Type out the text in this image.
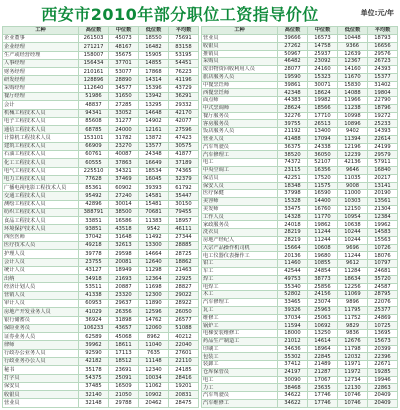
西安市2010年部分职位工资指导价位	单位:元/年
工种	高位数	中位数	低位数	平均数
企业董事	261503	45073	18550	75691
企业经理	271217	48167	16482	83158
生产或经营经理	158007	35675	15905	53195
人事经理	156434	37701	14855	54451
财务经理	210161	53077	17868	76223
研发经理	128896	28890	14314	41196
采购经理	112640	34577	15396	43729
餐厅经理	51986	31650	13942	36291
会计	48837	27285	13295	29332
机械工程技术人员	94341	33052	14648	42170
电子工程技术人员	85608	31277	14902	42077
通信工程技术人员	68785	24000	12161	27596
计算机工程技术人员	153101	31782	13872	47423
建筑工程技术人员	66909	23270	13577	30575
石油工程技术人员	60761	40087	24348	41877
化工工程技术人员	60555	37863	16649	37189
电气工程技术人员	225510	34321	18534	74365
电力工程技术人员	77628	37469	16045	32379
广播电视电影工程技术人员	85361	60902	39393	61792
交通工程技术人员	95492	27240	14581	35447
测绘工程技术人员	42896	30014	15481	30150
纺织工程技术人员	388791	38500	70681	79455
食品工程技术人员	33851	16586	11383	18957
环境保护技术人员	93851	43518	9542	46111
西医医师	37042	31648	11492	27344
医疗技术人员	49218	32613	13300	28885
护理人员	39778	29598	14664	28725
会计人员	23755	20081	12640	18862
统计人员	43127	18949	11298	21463
出纳	34918	21693	12364	22925
经济计划人员	53511	20887	11698	28827
营销人员	41338	23320	12300	29022
审计人员	60953	29637	11890	28922
房地产开发业务人员	41029	26356	12596	26050
银行储蓄员	36924	31898	14762	26577
保险业务员	106233	43657	12060	51088
证券业务人员	62589	45068	8962	40212
律师	39962	18611	11040	22040
行政办公业务人员	92590	17113	7635	27601
行政业务办公人员	42182	18512	11148	22110
秘书	35178	23691	12340	24185
打字员	54375	25091	10034	28416
保安员	37485	16509	11062	19201
收银员	32140	21050	10902	20831
营业员	32148	29788	20462	28475
工种	高位数	中位数	低位数	平均数
营业员	39666	16573	10448	18793
收银员	27262	14758	9366	16656
推销员	50967	25937	12639	29576
采购员	46482	23092	12367	26723
废旧物资回收利用人员	28077	24160	14160	24393
旅店服务人员	19590	15323	11670	15377
中餐烹饪师	39861	30071	15830	31402
西餐烹饪师	42348	18624	14088	19804
面点师	44383	19982	11966	22790
中式烹调师	28624	18566	11238	18796
餐厅服务员	32276	17710	10998	19272
客房服务员	39755	26513	10896	25233
饭店服务人员	21192	13400	9402	14393
营业人员	41488	17094	11394	22614
汽车驾驶员	36375	24338	12196	24199
汽车修理工	38520	36050	12239	29579
电工	74372	52107	42136	57911
中央空调工	23115	16356	9646	16840
保洁员	42251	17520	11035	20217
保安人员	18348	11575	9008	13141
医疗保健	37998	16590	11000	20190
美容师	15328	14400	10303	13561
美发师	33475	16760	12150	21304
工作人员	14328	11770	10954	12384
家政服务员	24018	19862	10638	19962
洗衣员	28219	11244	10244	14583
房地产经纪人	28219	11244	10244	15563
大宗产品操作机司机	15664	10608	9696	10726
电工仪器仪表操作工	20136	19680	11244	18076
钳工	11460	10855	9612	10797
车工	42544	24854	11284	24681
焊工	49753	38773	18634	35720
电焊工	35340	25856	12256	24587
木工	52802	24156	11069	28795
汽车修理工	33465	23074	9896	22076
瓦工	39326	25963	11795	25377
维修工	37034	25063	11752	24869
锅炉工	11594	10692	9829	10725
电梯安装维修工	18000	13250	9836	13695
药品生产制造工	21012	14614	12676	15673
印刷工	34636	18964	11798	20399
包装工	35302	22845	12032	22396
装卸工	37412	21489	11971	22671
仓库保管员	24197	21287	11972	19285
电工	30090	17067	12734	19946
力工	38468	23635	12130	22863
汽车驾驶员	34622	17746	10746	20409
汽车维修工	34622	17746	10746	20409
